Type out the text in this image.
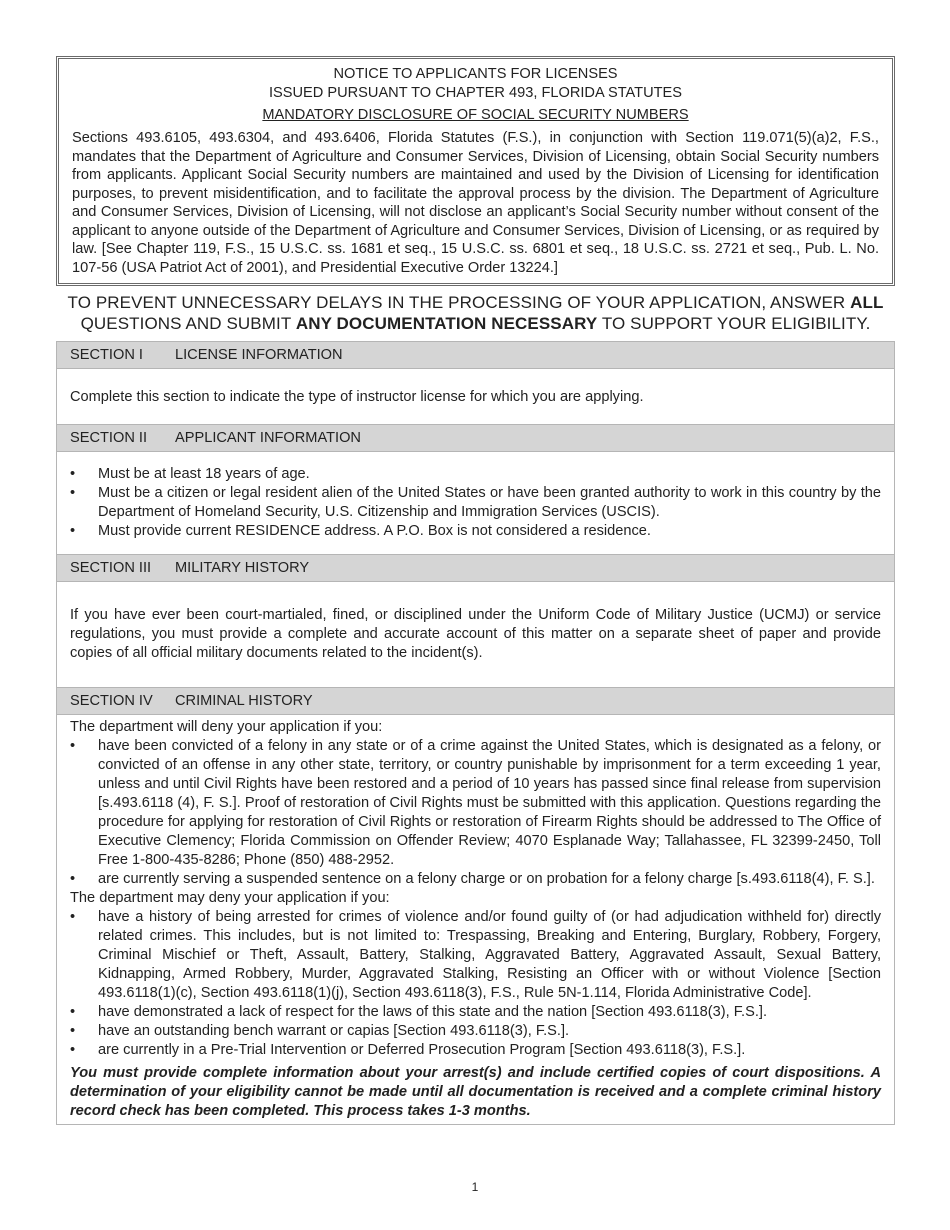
NOTICE TO APPLICANTS FOR LICENSES
ISSUED PURSUANT TO CHAPTER 493, FLORIDA STATUTES
MANDATORY DISCLOSURE OF SOCIAL SECURITY NUMBERS

Sections 493.6105, 493.6304, and 493.6406, Florida Statutes (F.S.), in conjunction with Section 119.071(5)(a)2, F.S., mandates that the Department of Agriculture and Consumer Services, Division of Licensing, obtain Social Security numbers from applicants. Applicant Social Security numbers are maintained and used by the Division of Licensing for identification purposes, to prevent misidentification, and to facilitate the approval process by the division. The Department of Agriculture and Consumer Services, Division of Licensing, will not disclose an applicant’s Social Security number without consent of the applicant to anyone outside of the Department of Agriculture and Consumer Services, Division of Licensing, or as required by law. [See Chapter 119, F.S., 15 U.S.C. ss. 1681 et seq., 15 U.S.C. ss. 6801 et seq., 18 U.S.C. ss. 2721 et seq., Pub. L. No. 107-56 (USA Patriot Act of 2001), and Presidential Executive Order 13224.]

TO PREVENT UNNECESSARY DELAYS IN THE PROCESSING OF YOUR APPLICATION, ANSWER ALL QUESTIONS AND SUBMIT ANY DOCUMENTATION NECESSARY TO SUPPORT YOUR ELIGIBILITY.
SECTION I LICENSE INFORMATION
Complete this section to indicate the type of instructor license for which you are applying.
SECTION II APPLICANT INFORMATION
• Must be at least 18 years of age.
• Must be a citizen or legal resident alien of the United States or have been granted authority to work in this country by the Department of Homeland Security, U.S. Citizenship and Immigration Services (USCIS).
• Must provide current RESIDENCE address. A P.O. Box is not considered a residence.
SECTION III MILITARY HISTORY
If you have ever been court-martialed, fined, or disciplined under the Uniform Code of Military Justice (UCMJ) or service regulations, you must provide a complete and accurate account of this matter on a separate sheet of paper and provide copies of all official military documents related to the incident(s).
SECTION IV CRIMINAL HISTORY
The department will deny your application if you:
• have been convicted of a felony in any state or of a crime against the United States, which is designated as a felony, or convicted of an offense in any other state, territory, or country punishable by imprisonment for a term exceeding 1 year, unless and until Civil Rights have been restored and a period of 10 years has passed since final release from supervision [s.493.6118 (4), F. S.]. Proof of restoration of Civil Rights must be submitted with this application. Questions regarding the procedure for applying for restoration of Civil Rights or restoration of Firearm Rights should be addressed to The Office of Executive Clemency; Florida Commission on Offender Review; 4070 Esplanade Way; Tallahassee, FL 32399-2450, Toll Free 1-800-435-8286; Phone (850) 488-2952.
• are currently serving a suspended sentence on a felony charge or on probation for a felony charge [s.493.6118(4), F. S.].
The department may deny your application if you:
• have a history of being arrested for crimes of violence and/or found guilty of (or had adjudication withheld for) directly related crimes. This includes, but is not limited to: Trespassing, Breaking and Entering, Burglary, Robbery, Forgery, Criminal Mischief or Theft, Assault, Battery, Stalking, Aggravated Battery, Aggravated Assault, Sexual Battery, Kidnapping, Armed Robbery, Murder, Aggravated Stalking, Resisting an Officer with or without Violence [Section 493.6118(1)(c), Section 493.6118(1)(j), Section 493.6118(3), F.S., Rule 5N-1.114, Florida Administrative Code].
• have demonstrated a lack of respect for the laws of this state and the nation [Section 493.6118(3), F.S.].
• have an outstanding bench warrant or capias [Section 493.6118(3), F.S.].
• are currently in a Pre-Trial Intervention or Deferred Prosecution Program [Section 493.6118(3), F.S.].
You must provide complete information about your arrest(s) and include certified copies of court dispositions. A determination of your eligibility cannot be made until all documentation is received and a complete criminal history record check has been completed. This process takes 1-3 months.
1
